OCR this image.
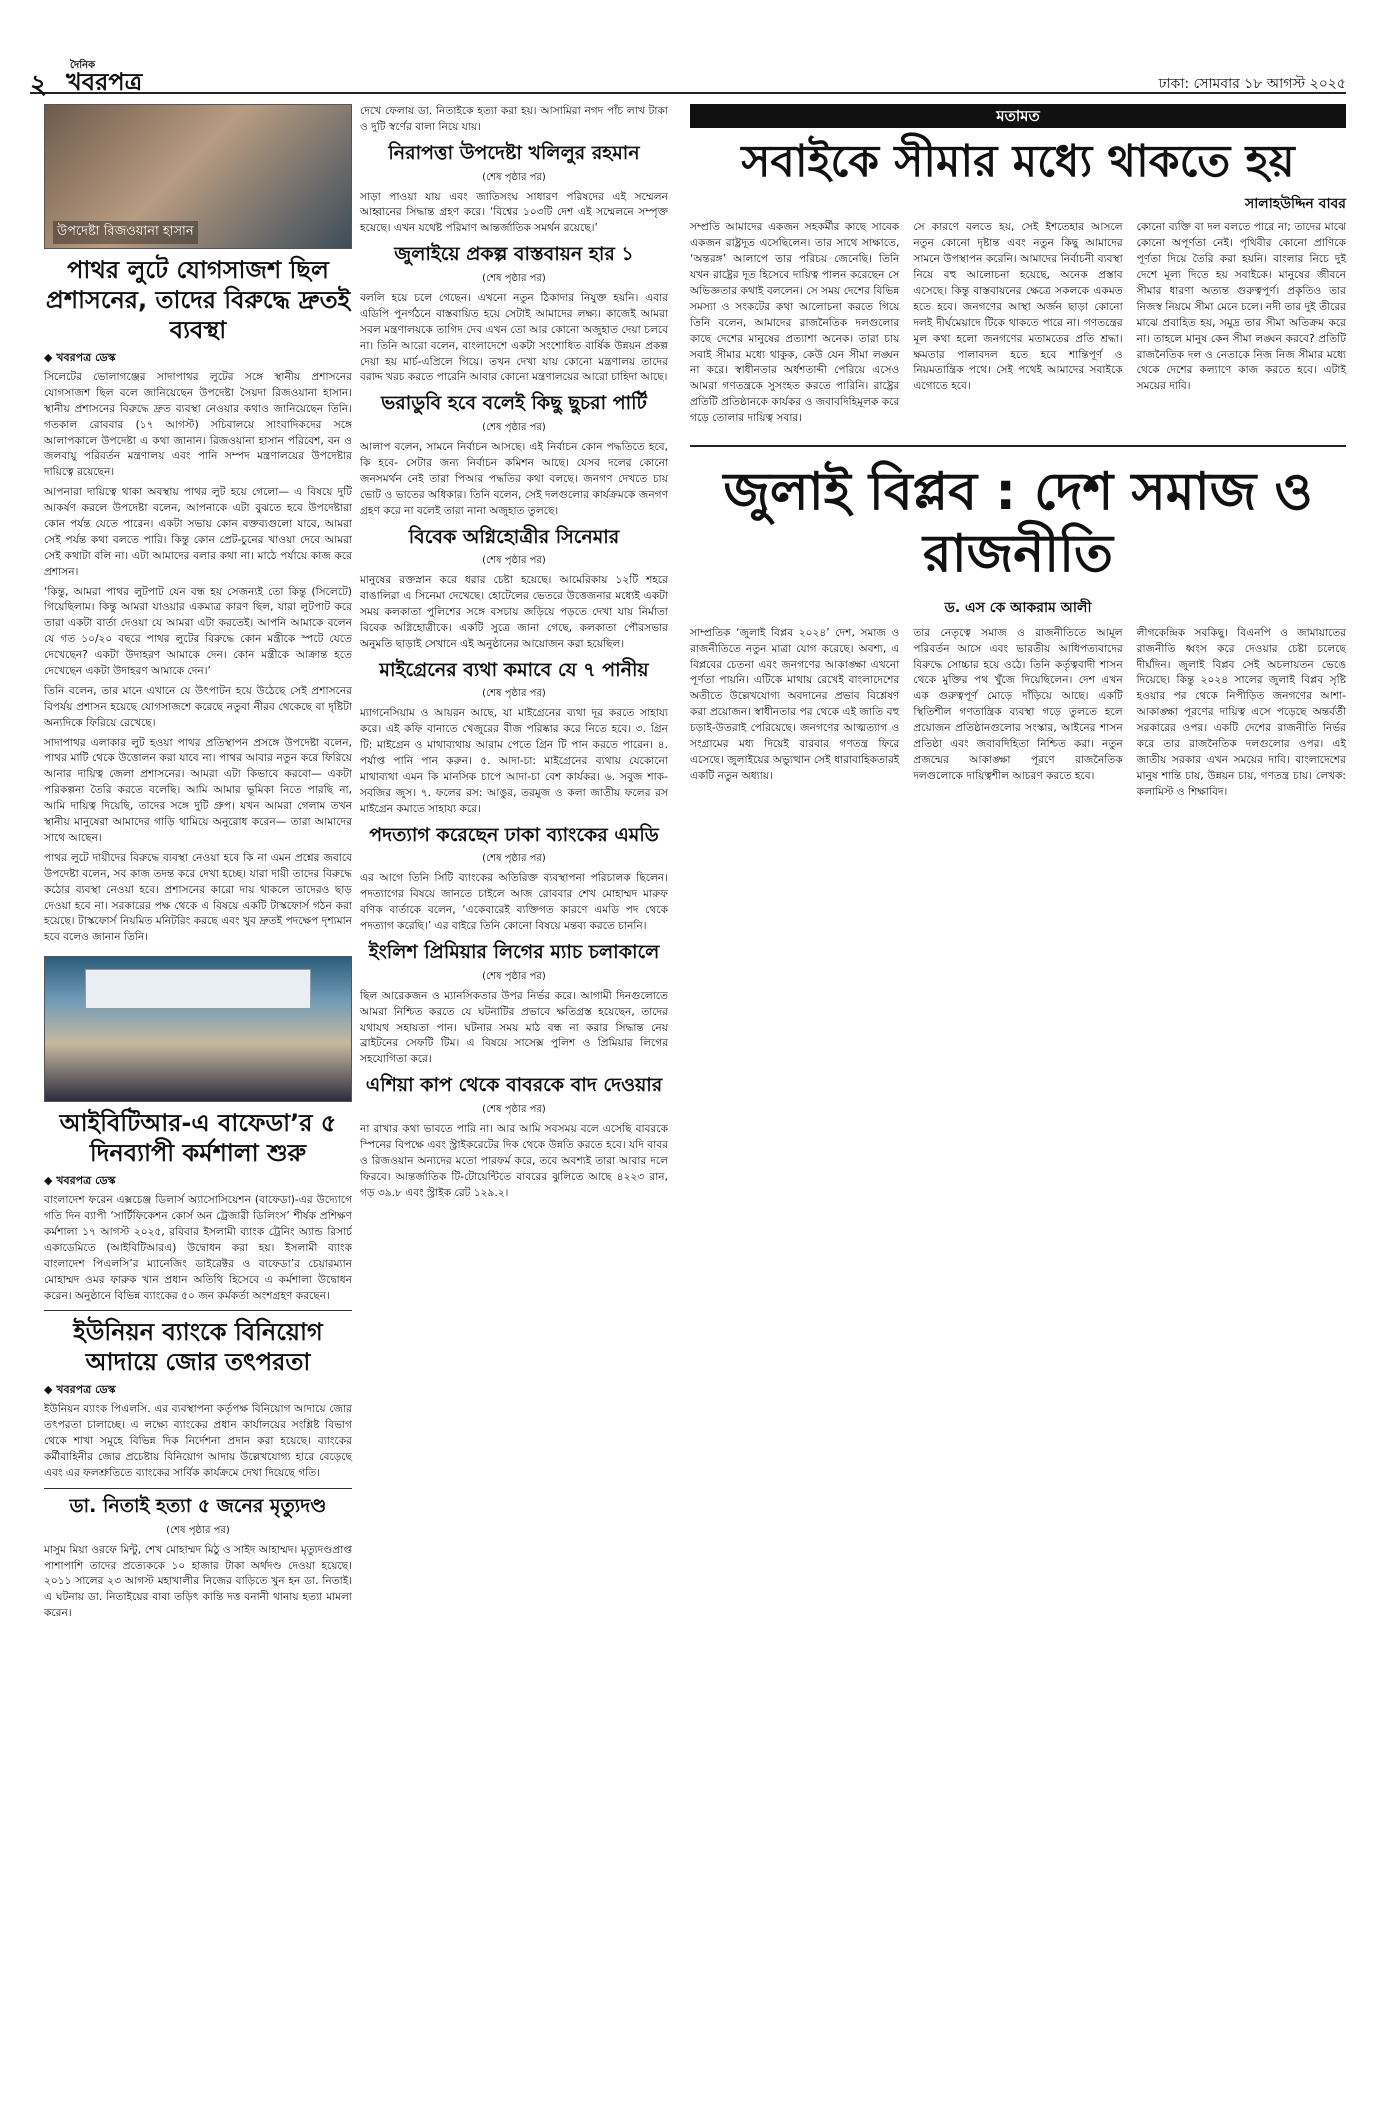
২
দৈনিক
খবরপত্র	ঢাকা: সোমবার ১৮ আগস্ট ২০২৫
উপদেষ্টা রিজওয়ানা হাসান
পাথর লুটে যোগসাজশ ছিল প্রশাসনের, তাদের বিরুদ্ধে দ্রুতই ব্যবস্থা
◆ খবরপত্র ডেস্ক

সিলেটের ভোলাগঞ্জের সাদাপাথর লুটের সঙ্গে স্থানীয় প্রশাসনের যোগসাজশ ছিল বলে জানিয়েছেন উপদেষ্টা সৈয়দা রিজওয়ানা হাসান। স্থানীয় প্রশাসনের বিরুদ্ধে দ্রুত ব্যবস্থা নেওয়ার কথাও জানিয়েছেন তিনি। গতকাল রোববার (১৭ আগস্ট) সচিবালয়ে সাংবাদিকদের সঙ্গে আলাপকালে উপদেষ্টা এ কথা জানান। রিজওয়ানা হাসান পরিবেশ, বন ও জলবায়ু পরিবর্তন মন্ত্রণালয় এবং পানি সম্পদ মন্ত্রণালয়ের উপদেষ্টার দায়িত্বে রয়েছেন।

আপনারা দায়িত্বে থাকা অবস্থায় পাথর লুট হয়ে গেলো— এ বিষয়ে দুটি আকর্ষণ করলে উপদেষ্টা বলেন, আপনাকে এটা বুঝতে হবে উপদেষ্টারা কোন পর্যন্ত যেতে পারেন। একটা সভায় কোন বক্তব্যগুলো যাবে, আমরা সেই পর্যন্ত কথা বলতে পারি। কিন্তু কোন প্রেট-চুনের খাওয়া দেবে আমরা সেই কথাটা বলি না। এটা আমাদের বলার কথা না। মাঠে পর্যায়ে কাজ করে প্রশাসন।

‘কিন্তু, আমরা পাথর লুটপাট যেন বন্ধ হয় সেজন্যই তো কিন্তু (সিলেটে) গিয়েছিলাম। কিন্তু আমরা যাওয়ার একমাত্র কারণ ছিল, যারা লুটপাট করে তারা একটা বার্তা দেওয়া যে আমরা এটা করতেই। আপনি আমাকে বলেন যে গত ১০/২০ বছরে পাথর লুটের বিরুদ্ধে কোন মন্ত্রীকে স্পটে যেতে দেখেছেন? একটা উদাহরণ আমাকে দেন। কোন মন্ত্রীকে আক্রান্ত হতে দেখেছেন একটা উদাহরণ আমাকে দেন।’

তিনি বলেন, তার মানে এখানে যে উৎপাটন হয়ে উঠেছে সেই প্রশাসনের বিপর্যয় প্রশাসন হয়েছে যোগসাজশে করেছে নতুবা নীরব থেকেছে বা দৃষ্টিটা অন্যদিকে ফিরিয়ে রেখেছে।

সাদাপাথর এলাকার লুট হওয়া পাথর প্রতিস্থাপন প্রসঙ্গে উপদেষ্টা বলেন, পাথর মাটি থেকে উত্তোলন করা যাবে না। পাথর আবার নতুন করে ফিরিয়ে আনার দায়িত্ব জেলা প্রশাসনের। আমরা এটা কিভাবে করবো— একটা পরিকল্পনা তৈরি করতে বলেছি। আমি আমার ভূমিকা নিতে পারছি না, আমি দায়িত্ব দিয়েছি, তাদের সঙ্গে দুটি গ্রুপ। যখন আমরা গেলাম তখন স্থানীয় মানুষেরা আমাদের গাড়ি থামিয়ে অনুরোধ করেন— তারা আমাদের সাথে আছেন।

পাথর লুটে দায়ীদের বিরুদ্ধে ব্যবস্থা নেওয়া হবে কি না এমন প্রশ্নের জবাবে উপদেষ্টা বলেন, সব কাজ তদন্ত করে দেখা হচ্ছে। যারা দায়ী তাদের বিরুদ্ধে কঠোর ব্যবস্থা নেওয়া হবে। প্রশাসনের কারো দায় থাকলে তাদেরও ছাড় দেওয়া হবে না। সরকারের পক্ষ থেকে এ বিষয়ে একটি টাস্কফোর্স গঠন করা হয়েছে। টাস্কফোর্স নিয়মিত মনিটরিং করছে এবং খুব দ্রুতই পদক্ষেপ দৃশ্যমান হবে বলেও জানান তিনি।

আইবিটিআর-এ বাফেডা’র ৫ দিনব্যাপী কর্মশালা শুরু
◆ খবরপত্র ডেস্ক

বাংলাদেশ ফরেন এক্সচেঞ্জ ডিলার্স অ্যাসোসিয়েশন (বাফেডা)-এর উদ্যোগে গতি দিন ব্যাপী ‘সার্টিফিকেশন কোর্স অন ট্রেজারী ডিলিংস’ শীর্ষক প্রশিক্ষণ কর্মশালা ১৭ আগস্ট ২০২৫, রবিবার ইসলামী ব্যাংক ট্রেনিং অ্যান্ড রিসার্চ একাডেমিতে (আইবিটিআরএ) উদ্বোধন করা হয়। ইসলামী ব্যাংক বাংলাদেশ পিএলসি’র ম্যানেজিং ডাইরেক্টর ও বাফেডা’র চেয়ারম্যান মোহাম্মদ ওমর ফারুক খান প্রধান অতিথি হিসেবে এ কর্মশালা উদ্বোধন করেন। অনুষ্ঠানে বিভিন্ন ব্যাংকের ৫০ জন কর্মকর্তা অংশগ্রহণ করছেন।

ইউনিয়ন ব্যাংকে বিনিয়োগ আদায়ে জোর তৎপরতা
◆ খবরপত্র ডেস্ক

ইউনিয়ন ব্যাংক পিএলসি. এর ব্যবস্থাপনা কর্তৃপক্ষ বিনিয়োগ আদায়ে জোর তৎপরতা চালাচ্ছে। এ লক্ষ্যে ব্যাংকের প্রধান কার্যালয়ের সংশ্লিষ্ট বিভাগ থেকে শাখা সমূহে বিভিন্ন দিক নির্দেশনা প্রদান করা হয়েছে। ব্যাংকের কর্মীবাহিনীর জোর প্রচেষ্টায় বিনিয়োগ আদায় উল্লেখযোগ্য হারে বেড়েছে এবং এর ফলশ্রুতিতে ব্যাংকের সার্বিক কার্যক্রমে দেখা দিয়েছে গতি।

ডা. নিতাই হত্যা ৫ জনের মৃত্যুদণ্ড
(শেষ পৃষ্ঠার পর)

মাসুম মিয়া ওরফে মিন্টু, শেখ মোহাম্মদ মিঠু ও সাইদ আহাম্মদ। মৃত্যুদণ্ডপ্রাপ্ত পাশাপাশি তাদের প্রত্যেককে ১০ হাজার টাকা অর্থদণ্ড দেওয়া হয়েছে। ২০১১ সালের ২৩ আগস্ট মহাখালীর নিজের বাড়িতে খুন হন ডা. নিতাই। এ ঘটনায় ডা. নিতাইয়ের বাবা তড়িৎ কান্তি দত্ত বনানী থানায় হত্যা মামলা করেন।

দেখে ফেলায় ডা. নিতাইকে হত্যা করা হয়। আসামিরা নগদ পাঁচ লাখ টাকা ও দুটি স্বর্ণের বালা নিয়ে যায়।

নিরাপত্তা উপদেষ্টা খলিলুর রহমান
(শেষ পৃষ্ঠার পর)

সাড়া পাওয়া যায় এবং জাতিসংঘ সাধারণ পরিষদের এই সম্মেলন আহ্বানের সিদ্ধান্ত গ্রহণ করে। ‘বিশ্বের ১০৩টি দেশ এই সম্মেলনে সম্পৃক্ত হয়েছে। এখন যথেষ্ট পরিমাণ আন্তর্জাতিক সমর্থন রয়েছে।’

জুলাইয়ে প্রকল্প বাস্তবায়ন হার ১
(শেষ পৃষ্ঠার পর)

বললি হয়ে চলে গেছেন। এখনো নতুন ঠিকাদার নিযুক্ত হয়নি। এবার এডিপি পুনর্গঠনে বাস্তবায়িত হয়ে সেটাই আমাদের লক্ষ্য। কাজেই আমরা সবল মন্ত্রণালয়কে তাগিদ দেব এখন তো আর কোনো অজুহাত দেয়া চলবে না। তিনি আরো বলেন, বাংলাদেশে একটা সংশোধিত বার্ষিক উন্নয়ন প্রকল্প দেয়া হয় মার্চ-এপ্রিলে গিয়ে। তখন দেখা যায় কোনো মন্ত্রণালয় তাদের বরাদ্দ খরচ করতে পারেনি আবার কোনো মন্ত্রণালয়ের আরো চাহিদা আছে।

ভরাডুবি হবে বলেই কিছু ছুচরা পার্টি
(শেষ পৃষ্ঠার পর)

আলাপ বলেন, সামনে নির্বাচন আসছে। এই নির্বাচন কোন পদ্ধতিতে হবে, কি হবে- সেটার জন্য নির্বাচন কমিশন আছে। যেসব দলের কোনো জনসমর্থন নেই তারা পিআর পদ্ধতির কথা বলছে। জনগণ দেখতে চায় ভোট ও ভাতের অধিকার। তিনি বলেন, সেই দলগুলোর কার্যক্রমকে জনগণ গ্রহণ করে না বলেই তারা নানা অজুহাত তুলছে।

বিবেক অগ্নিহোত্রীর সিনেমার
(শেষ পৃষ্ঠার পর)

মানুষের রক্তস্নান করে ধরার চেষ্টা হয়েছে। আমেরিকায় ১২টি শহরে বাঙালিরা এ সিনেমা দেখেছে। হোটেলের ভেতরে উত্তেজনার মধ্যেই একটা সময় কলকাতা পুলিশের সঙ্গে বসচায় জড়িয়ে পড়তে দেখা যায় নির্মাতা বিবেক অগ্নিহোত্রীকে। একটি সুত্রে জানা গেছে, কলকাতা পৌরসভার অনুমতি ছাড়াই সেখানে এই অনুষ্ঠানের আয়োজন করা হয়েছিল।

মাইগ্রেনের ব্যথা কমাবে যে ৭ পানীয়
(শেষ পৃষ্ঠার পর)

ম্যাগনেসিয়াম ও আয়রন আছে, যা মাইগ্রেনের ব্যথা দূর করতে সাহায্য করে। এই কফি বানাতে খেজুরের বীজ পরিষ্কার করে নিতে হবে। ৩. গ্রিন টি: মাইগ্রেন ও মাথাব্যথায় আরাম পেতে গ্রিন টি পান করতে পারেন। ৪. পর্যাপ্ত পানি পান করুন। ৫. আদা-চা: মাইগ্রেনের ব্যথায় যেকোনো মাথাব্যথা এমন কি মানসিক চাপে আদা-চা বেশ কার্যকর। ৬. সবুজ শাক-সবজির জুস। ৭. ফলের রস: আঙুর, তরমুজ ও কলা জাতীয় ফলের রস মাইগ্রেন কমাতে সাহায্য করে।

পদত্যাগ করেছেন ঢাকা ব্যাংকের এমডি
(শেষ পৃষ্ঠার পর)

এর আগে তিনি সিটি ব্যাংকের অতিরিক্ত ব্যবস্থাপনা পরিচালক ছিলেন। পদত্যাগের বিষয়ে জানতে চাইলে আজ রোববার শেখ মোহাম্মদ মারুফ বণিক বার্তাকে বলেন, ‘একেবারেই ব্যক্তিগত কারণে এমডি পদ থেকে পদত্যাগ করেছি।’ এর বাইরে তিনি কোনো বিষয়ে মন্তব্য করতে চাননি।

ইংলিশ প্রিমিয়ার লিগের ম্যাচ চলাকালে
(শেষ পৃষ্ঠার পর)

ছিল আরেকজন ও ম্যানসিকতার উপর নির্ভর করে। আগামী দিনগুলোতে আমরা নিশ্চিত করতে যে ঘটনাটির প্রভাবে ক্ষতিগ্রস্ত হয়েছেন, তাদের যথাযথ সহায়তা পান। ঘটনার সময় মাঠ বন্ধ না করার সিদ্ধান্ত নেয় ব্রাইটনের সেফটি টিম। এ বিষয়ে সাসেক্স পুলিশ ও প্রিমিয়ার লিগের সহযোগিতা করে।

এশিয়া কাপ থেকে বাবরকে বাদ দেওয়ার
(শেষ পৃষ্ঠার পর)

না রাখার কথা ভাবতে পারি না। আর আমি সবসময় বলে এসেছি বাবরকে স্পিনের বিপক্ষে এবং স্ট্রাইকরেটের দিক থেকে উন্নতি করতে হবে। যদি বাবর ও রিজওয়ান অন্যদের মতো পারফর্ম করে, তবে অবশ্যই তারা আবার দলে ফিরবে। আন্তর্জাতিক টি-টোয়েন্টিতে বাবরের ঝুলিতে আছে ৪২২৩ রান, গড় ৩৯.৮ এবং স্ট্রাইক রেট ১২৯.২।

মতামত
সবাইকে সীমার মধ্যে থাকতে হয়
সালাহউদ্দিন বাবর

সম্প্রতি আমাদের একজন সহকর্মীর কাছে সাবেক একজন রাষ্ট্রদূত এসেছিলেন। তার সাথে সাক্ষাতে, ‘অন্তরঙ্গ’ আলাপে তার পরিচয় জেনেছি। তিনি যখন রাষ্ট্রের দূত হিসেবে দায়িত্ব পালন করেছেন সে অভিজ্ঞতার কথাই বললেন। সে সময় দেশের বিভিন্ন সমস্যা ও সংকটের কথা আলোচনা করতে গিয়ে তিনি বলেন, আমাদের রাজনৈতিক দলগুলোর কাছে দেশের মানুষের প্রত্যাশা অনেক। তারা চায় সবাই সীমার মধ্যে থাকুক, কেউ যেন সীমা লঙ্ঘন না করে। স্বাধীনতার অর্ধশতাব্দী পেরিয়ে এসেও আমরা গণতন্ত্রকে সুসংহত করতে পারিনি। রাষ্ট্রের প্রতিটি প্রতিষ্ঠানকে কার্যকর ও জবাবদিহিমূলক করে গড়ে তোলার দায়িত্ব সবার।

সে কারণে বলতে হয়, সেই ইশতেহার আসলে নতুন কোনো দৃষ্টান্ত এবং নতুন কিছু আমাদের সামনে উপস্থাপন করেনি। আমাদের নির্বাচনী ব্যবস্থা নিয়ে বহু আলোচনা হয়েছে, অনেক প্রস্তাব এসেছে। কিন্তু বাস্তবায়নের ক্ষেত্রে সকলকে একমত হতে হবে। জনগণের আস্থা অর্জন ছাড়া কোনো দলই দীর্ঘমেয়াদে টিকে থাকতে পারে না। গণতন্ত্রের মূল কথা হলো জনগণের মতামতের প্রতি শ্রদ্ধা। ক্ষমতার পালাবদল হতে হবে শান্তিপূর্ণ ও নিয়মতান্ত্রিক পথে। সেই পথেই আমাদের সবাইকে এগোতে হবে।

কোনো ব্যক্তি বা দল বলতে পারে না; তাদের মাঝে কোনো অপূর্ণতা নেই। পৃথিবীর কোনো প্রাণিকে পূর্ণতা দিয়ে তৈরি করা হয়নি। বাংলার নিচে দুই দেশে মূল্য দিতে হয় সবাইকে। মানুষের জীবনে সীমার ধারণা অত্যন্ত গুরুত্বপূর্ণ। প্রকৃতিও তার নিজস্ব নিয়মে সীমা মেনে চলে। নদী তার দুই তীরের মাঝে প্রবাহিত হয়, সমুদ্র তার সীমা অতিক্রম করে না। তাহলে মানুষ কেন সীমা লঙ্ঘন করবে? প্রতিটি রাজনৈতিক দল ও নেতাকে নিজ নিজ সীমার মধ্যে থেকে দেশের কল্যাণে কাজ করতে হবে। এটাই সময়ের দাবি।

জুলাই বিপ্লব : দেশ সমাজ ও রাজনীতি
ড. এস কে আকরাম আলী

সাম্প্রতিক ‘জুলাই বিপ্লব ২০২৪’ দেশ, সমাজ ও রাজনীতিতে নতুন মাত্রা যোগ করেছে। অবশ্য, এ বিপ্লবের চেতনা এবং জনগণের আকাঙ্ক্ষা এখনো পূর্ণতা পায়নি। এটিকে মাথায় রেখেই বাংলাদেশের অতীতে উল্লেখযোগ্য অবদানের প্রভাব বিশ্লেষণ করা প্রয়োজন। স্বাধীনতার পর থেকে এই জাতি বহু চড়াই-উতরাই পেরিয়েছে। জনগণের আত্মত্যাগ ও সংগ্রামের মধ্য দিয়েই বারবার গণতন্ত্র ফিরে এসেছে। জুলাইয়ের অভ্যুত্থান সেই ধারাবাহিকতারই একটি নতুন অধ্যায়।

তার নেতৃত্বে সমাজ ও রাজনীতিতে আমূল পরিবর্তন আসে এবং ভারতীয় আধিপত্যবাদের বিরুদ্ধে সোচ্চার হয়ে ওঠে। তিনি কর্তৃত্ববাদী শাসন থেকে মুক্তির পথ খুঁজে দিয়েছিলেন। দেশ এখন এক গুরুত্বপূর্ণ মোড়ে দাঁড়িয়ে আছে। একটি স্থিতিশীল গণতান্ত্রিক ব্যবস্থা গড়ে তুলতে হলে প্রয়োজন প্রতিষ্ঠানগুলোর সংস্কার, আইনের শাসন প্রতিষ্ঠা এবং জবাবদিহিতা নিশ্চিত করা। নতুন প্রজন্মের আকাঙ্ক্ষা পূরণে রাজনৈতিক দলগুলোকে দায়িত্বশীল আচরণ করতে হবে।

লীগকেন্দ্রিক সবকিছু। বিএনপি ও জামায়াতের রাজনীতি ধ্বংস করে দেওয়ার চেষ্টা চলেছে দীর্ঘদিন। জুলাই বিপ্লব সেই অচলায়তন ভেঙে দিয়েছে। কিন্তু ২০২৪ সালের জুলাই বিপ্লব সৃষ্টি হওয়ার পর থেকে নিপীড়িত জনগণের আশা-আকাঙ্ক্ষা পূরণের দায়িত্ব এসে পড়েছে অন্তর্বর্তী সরকারের ওপর। একটি দেশের রাজনীতি নির্ভর করে তার রাজনৈতিক দলগুলোর ওপর। এই জাতীয় সরকার এখন সময়ের দাবি। বাংলাদেশের মানুষ শান্তি চায়, উন্নয়ন চায়, গণতন্ত্র চায়। লেখক: কলামিস্ট ও শিক্ষাবিদ।
